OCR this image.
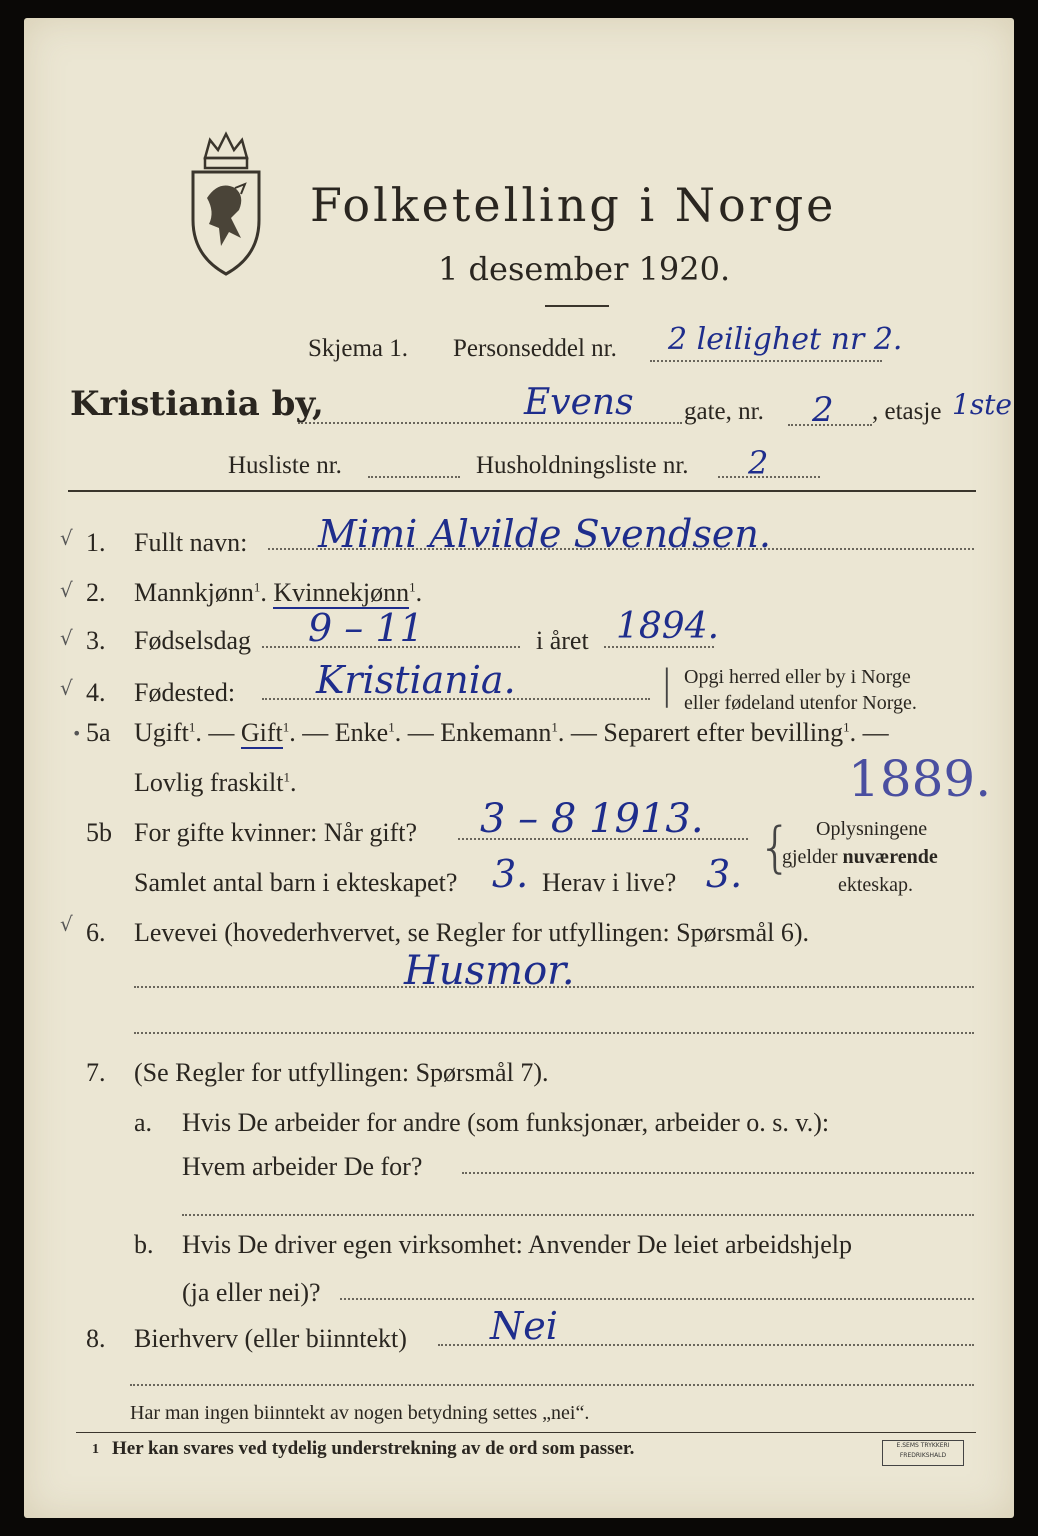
Folketelling i Norge
1 desember 1920.
Skjema 1. Personseddel nr. 2 leilighet nr 2.
Kristiania by,	Evens gate, nr. 2 , etasje 1ste
Husliste nr.	Husholdningsliste nr. 2
√ 1. Fullt navn: Mimi Alvilde Svendsen.
√ 2. Mannkjønn$^1$. Kvinnekjønn$^1$.
√ 3. Fødselsdag 9 – 11	i året 1894.
√ 4. Fødested: Kristiania.	| Opgi herred eller by i Norge
eller fødeland utenfor Norge.
• 5a Ugift$^1$. — Gift$^1$. — Enke$^1$. — Enkemann$^1$. — Separert efter bevilling$^1$. —
Lovlig fraskilt$^1$.	1889.
5b For gifte kvinner: Når gift? 3 – 8 1913.
Samlet antal barn i ekteskapet? 3. Herav i live? 3. { Oplysningene
gjelder nuværende
ekteskap.
√ 6. Levevei (hovederhvervet, se Regler for utfyllingen: Spørsmål 6).
Husmor.
7. (Se Regler for utfyllingen: Spørsmål 7).
a. Hvis De arbeider for andre (som funksjonær, arbeider o. s. v.):
Hvem arbeider De for?
b. Hvis De driver egen virksomhet: Anvender De leiet arbeidshjelp
(ja eller nei)?
8. Bierhverv (eller biinntekt) Nei
Har man ingen biinntekt av nogen betydning settes „nei“.
1 Her kan svares ved tydelig understrekning av de ord som passer.	E.SEMS TRYKKERI
FREDRIKSHALD
